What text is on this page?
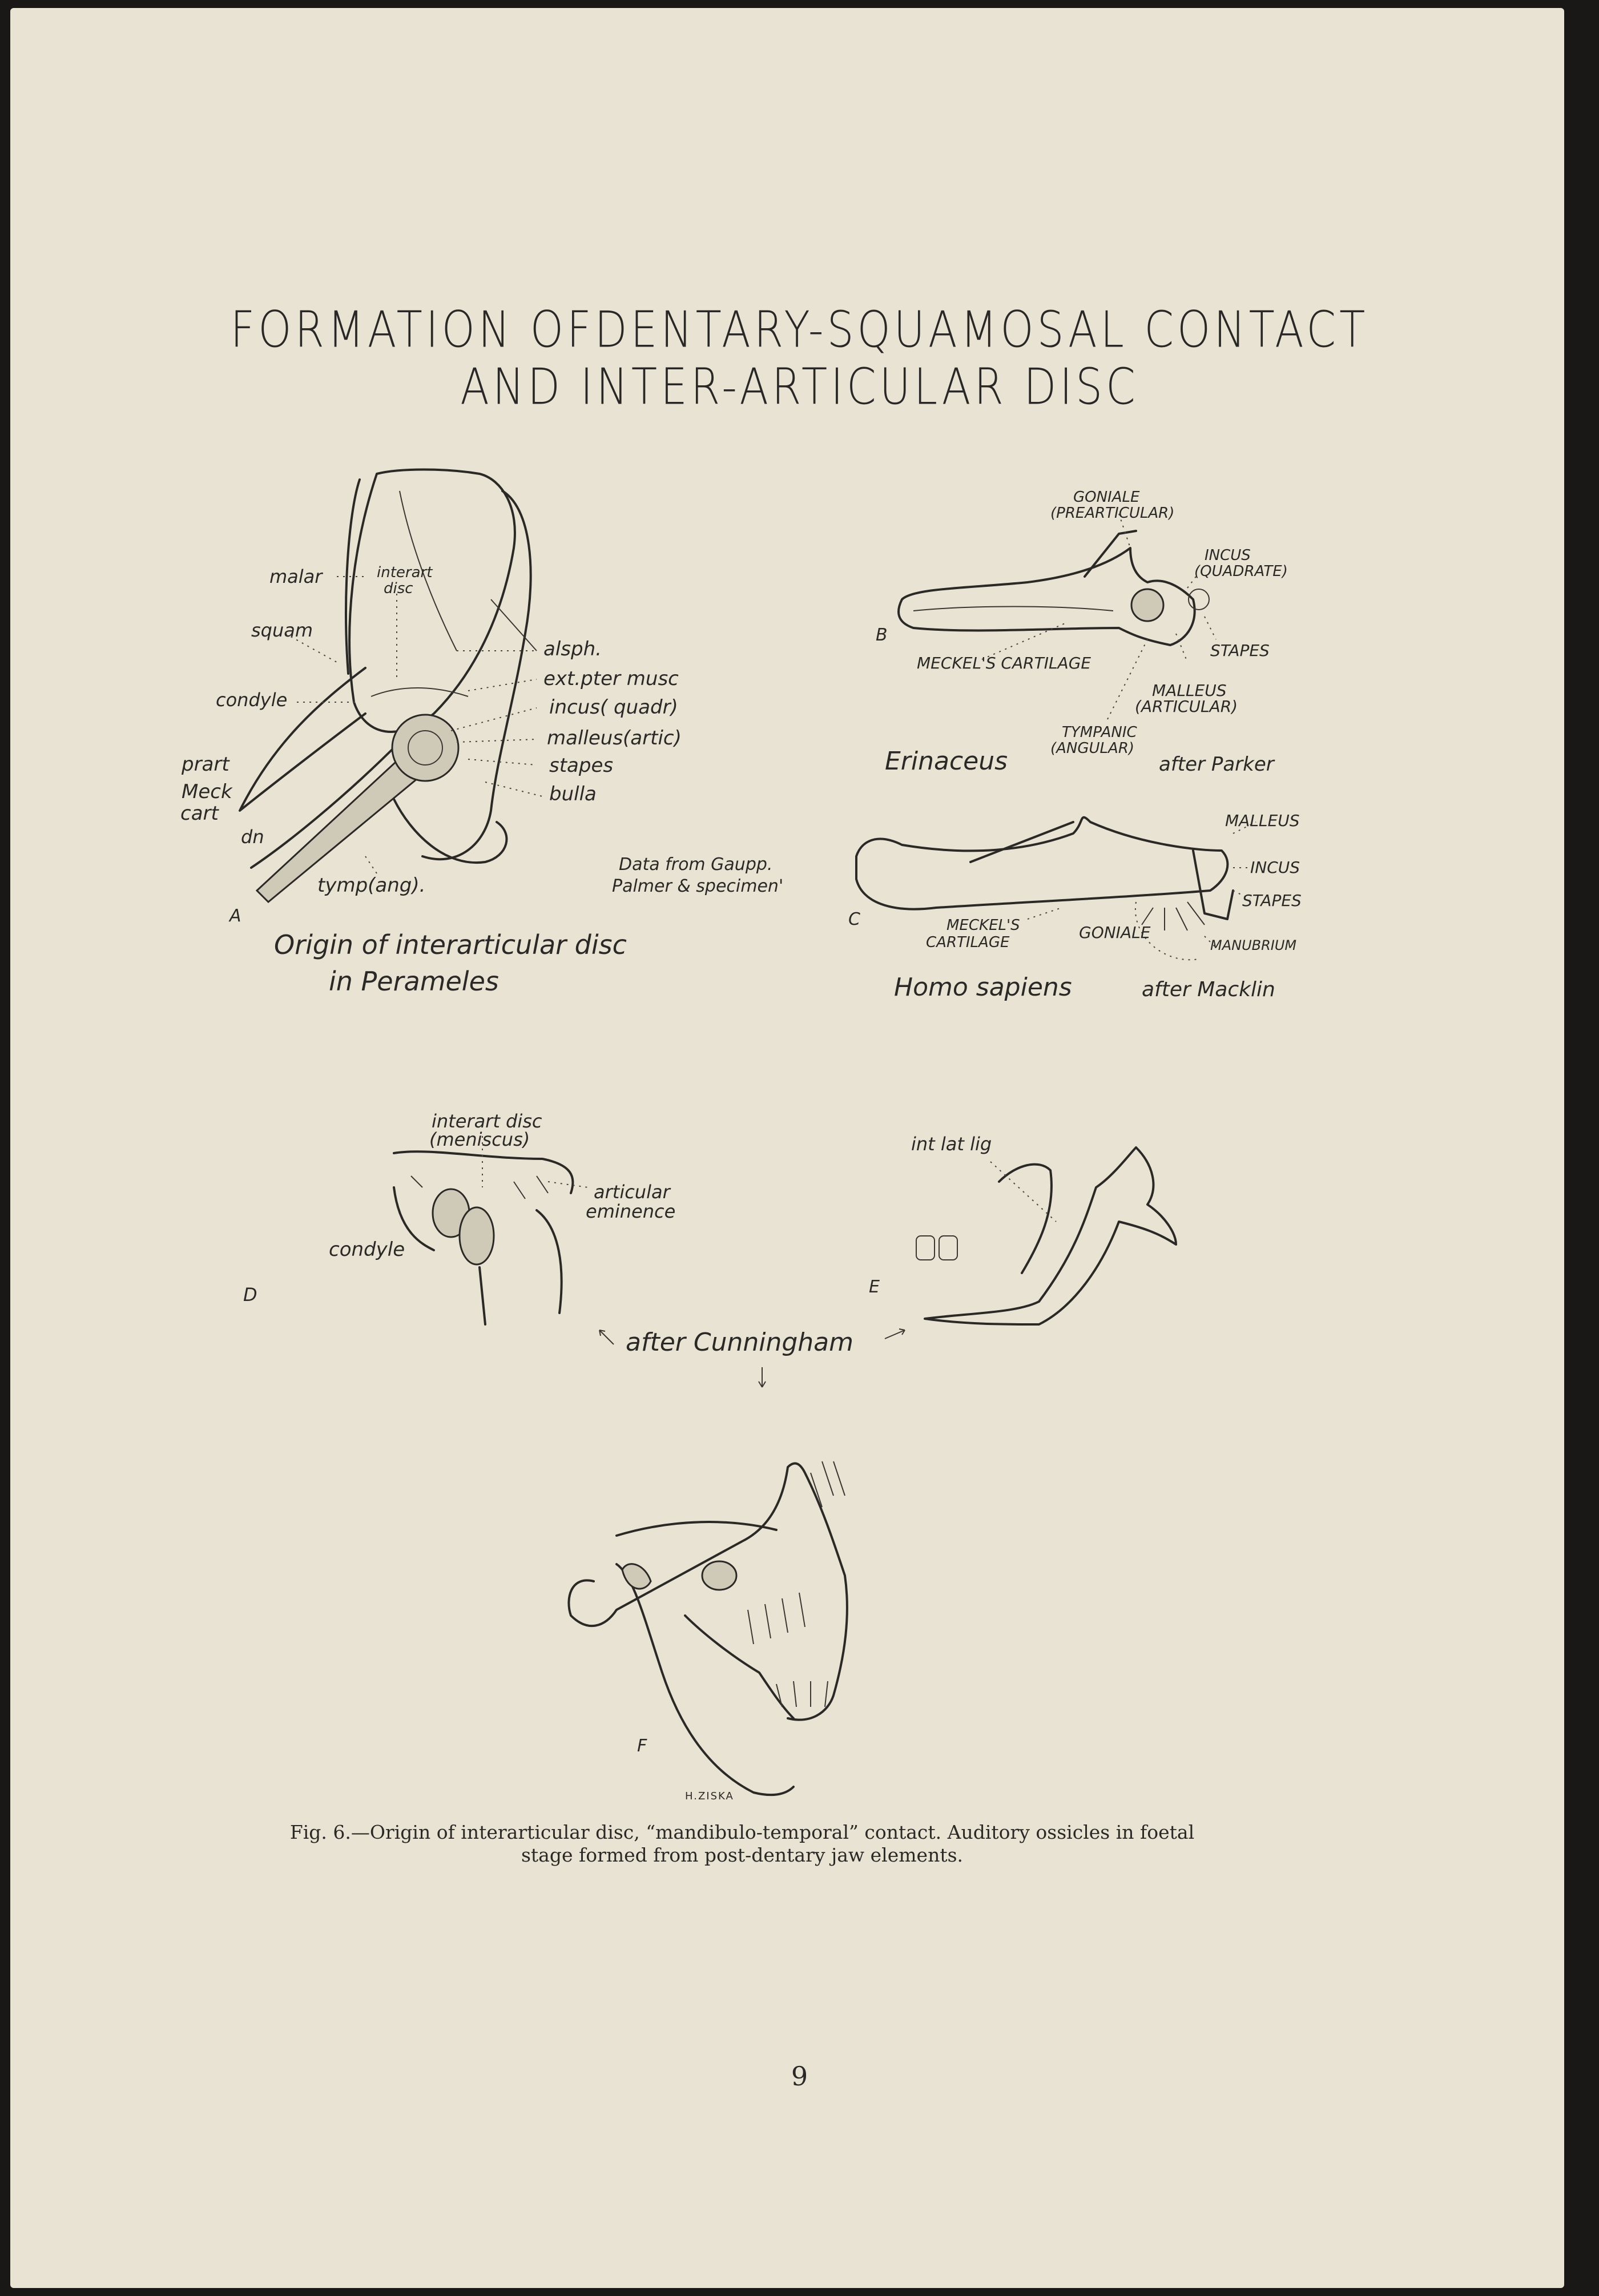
FORMATION OFDENTARY-SQUAMOSAL CONTACT
AND INTER-ARTICULAR DISC
malar	interart
disc
squam
condyle
prart
Meck
cart
dn
tymp(ang).
alsph.
ext.pter musc
incus( quadr)
malleus(artic)
stapes
bulla
A
Data from Gaupp.
Palmer & specimen'
Origin of interarticular disc
in Perameles
GONIALE
(PREARTICULAR)
INCUS
(QUADRATE)
B
STAPES
MECKEL'S CARTILAGE
MALLEUS
(ARTICULAR)
TYMPANIC
(ANGULAR)
Erinaceus	after Parker
MALLEUS
INCUS
STAPES
C	MECKEL'S
CARTILAGE
GONIALE
MANUBRIUM
Homo sapiens	after Macklin
interart disc
(meniscus)
articular
eminence
condyle
D
int lat lig
E
after Cunningham
F
H.ZISKA
Fig. 6.—Origin of interarticular disc, “mandibulo-temporal” contact. Auditory ossicles in foetal
stage formed from post-dentary jaw elements.
9
